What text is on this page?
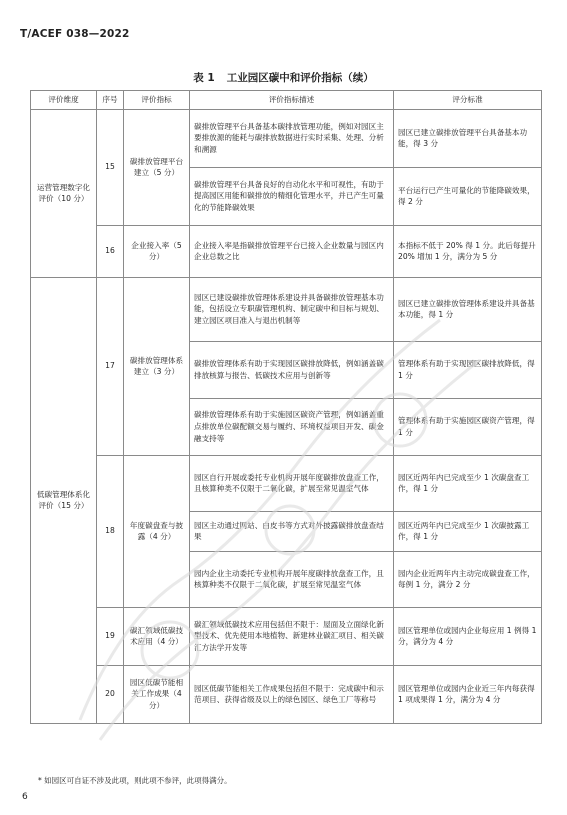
T/ACEF 038—2022
表 1 工业园区碳中和评价指标（续）
评价维度	序号	评价指标	评价指标描述	评分标准
运营管理数字化评价（10 分）	15	碳排放管理平台建立（5 分）	碳排放管理平台具备基本碳排放管理功能，例如对园区主要排放源的能耗与碳排放数据进行实时采集、处理、分析和溯源	园区已建立碳排放管理平台具备基本功能，得 3 分
			碳排放管理平台具备良好的自动化水平和可视性，有助于提高园区用能和碳排放的精细化管理水平，并已产生可量化的节能降碳效果	平台运行已产生可量化的节能降碳效果，得 2 分
	16	企业接入率（5 分）	企业接入率是指碳排放管理平台已接入企业数量与园区内企业总数之比	本指标不低于 20% 得 1 分。此后每提升 20% 增加 1 分，满分为 5 分
低碳管理体系化评价（15 分）	17	碳排放管理体系建立（3 分）	园区已建设碳排放管理体系建设并具备碳排放管理基本功能，包括设立专职碳管理机构、制定碳中和目标与规划、建立园区项目准入与退出机制等	园区已建立碳排放管理体系建设并具备基本功能，得 1 分
			碳排放管理体系有助于实现园区碳排放降低，例如涵盖碳排放核算与报告、低碳技术应用与创新等	管理体系有助于实现园区碳排放降低，得 1 分
			碳排放管理体系有助于实施园区碳资产管理，例如涵盖重点排放单位碳配额交易与履约、环境权益项目开发、碳金融支持等	管理体系有助于实施园区碳资产管理，得 1 分
	18	年度碳盘查与披露（4 分）	园区自行开展或委托专业机构开展年度碳排放盘查工作，且核算种类不仅限于二氧化碳，扩展至常见温室气体	园区近两年内已完成至少 1 次碳盘查工作，得 1 分
			园区主动通过网站、白皮书等方式对外披露碳排放盘查结果	园区近两年内已完成至少 1 次碳披露工作，得 1 分
			园内企业主动委托专业机构开展年度碳排放盘查工作，且核算种类不仅限于二氧化碳，扩展至常见温室气体	园内企业近两年内主动完成碳盘查工作，每例 1 分，满分 2 分
	19	碳汇领域低碳技术应用（4 分）	碳汇领域低碳技术应用包括但不限于：屋面及立面绿化新型技术、优先使用本地植物、新建林业碳汇项目、相关碳汇方法学开发等	园区管理单位或园内企业每应用 1 例得 1 分，满分为 4 分
	20	园区低碳节能相关工作成果（4 分）	园区低碳节能相关工作成果包括但不限于：完成碳中和示范项目、获得省级及以上的绿色园区、绿色工厂等称号	园区管理单位或园内企业近三年内每获得 1 项成果得 1 分，满分为 4 分
* 如园区可自证不涉及此项，则此项不参评，此项得满分。
6
